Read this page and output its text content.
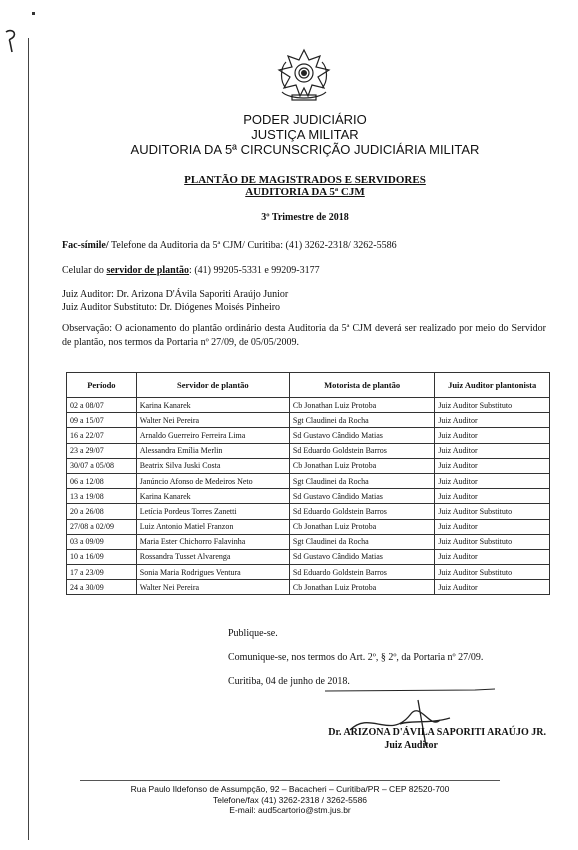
PODER JUDICIÁRIO
JUSTIÇA MILITAR
AUDITORIA DA 5ª CIRCUNSCRIÇÃO JUDICIÁRIA MILITAR
PLANTÃO DE MAGISTRADOS E SERVIDORES
AUDITORIA DA 5ª CJM
3º Trimestre de 2018
Fac-símile/ Telefone da Auditoria da 5ª CJM/ Curitiba: (41) 3262-2318/ 3262-5586
Celular do servidor de plantão: (41) 99205-5331 e 99209-3177
Juiz Auditor: Dr. Arizona D'Ávila Saporiti Araújo Junior
Juiz Auditor Substituto: Dr. Diógenes Moisés Pinheiro
Observação: O acionamento do plantão ordinário desta Auditoria da 5ª CJM deverá ser realizado por meio do Servidor de plantão, nos termos da Portaria nº 27/09, de 05/05/2009.
Período	Servidor de plantão	Motorista de plantão	Juiz Auditor plantonista
02 a 08/07	Karina Kanarek	Cb Jonathan Luiz Protoba	Juiz Auditor Substituto
09 a 15/07	Walter Nei Pereira	Sgt Claudinei da Rocha	Juiz Auditor
16 a 22/07	Arnaldo Guerreiro Ferreira Lima	Sd Gustavo Cândido Matias	Juiz Auditor
23 a 29/07	Alessandra Emília Merlin	Sd Eduardo Goldstein Barros	Juiz Auditor
30/07 a 05/08	Beatrix Silva Juski Costa	Cb Jonathan Luiz Protoba	Juiz Auditor
06 a 12/08	Janúncio Afonso de Medeiros Neto	Sgt Claudinei da Rocha	Juiz Auditor
13 a 19/08	Karina Kanarek	Sd Gustavo Cândido Matias	Juiz Auditor
20 a 26/08	Letícia Pordeus Torres Zanetti	Sd Eduardo Goldstein Barros	Juiz Auditor Substituto
27/08 a 02/09	Luiz Antonio Matiel Franzon	Cb Jonathan Luiz Protoba	Juiz Auditor
03 a 09/09	Maria Ester Chichorro Falavinha	Sgt Claudinei da Rocha	Juiz Auditor Substituto
10 a 16/09	Rossandra Tusset Alvarenga	Sd Gustavo Cândido Matias	Juiz Auditor
17 a 23/09	Sonia Maria Rodrigues Ventura	Sd Eduardo Goldstein Barros	Juiz Auditor Substituto
24 a 30/09	Walter Nei Pereira	Cb Jonathan Luiz Protoba	Juiz Auditor
Publique-se.
Comunique-se, nos termos do Art. 2º, § 2º, da Portaria nº 27/09.
Curitiba, 04 de junho de 2018.
Dr. ARIZONA D'ÁVILA SAPORITI ARAÚJO JR.
Juiz Auditor
Rua Paulo Ildefonso de Assumpção, 92 – Bacacheri – Curitiba/PR – CEP 82520-700
Telefone/fax (41) 3262-2318 / 3262-5586
E-mail: aud5cartorio@stm.jus.br
